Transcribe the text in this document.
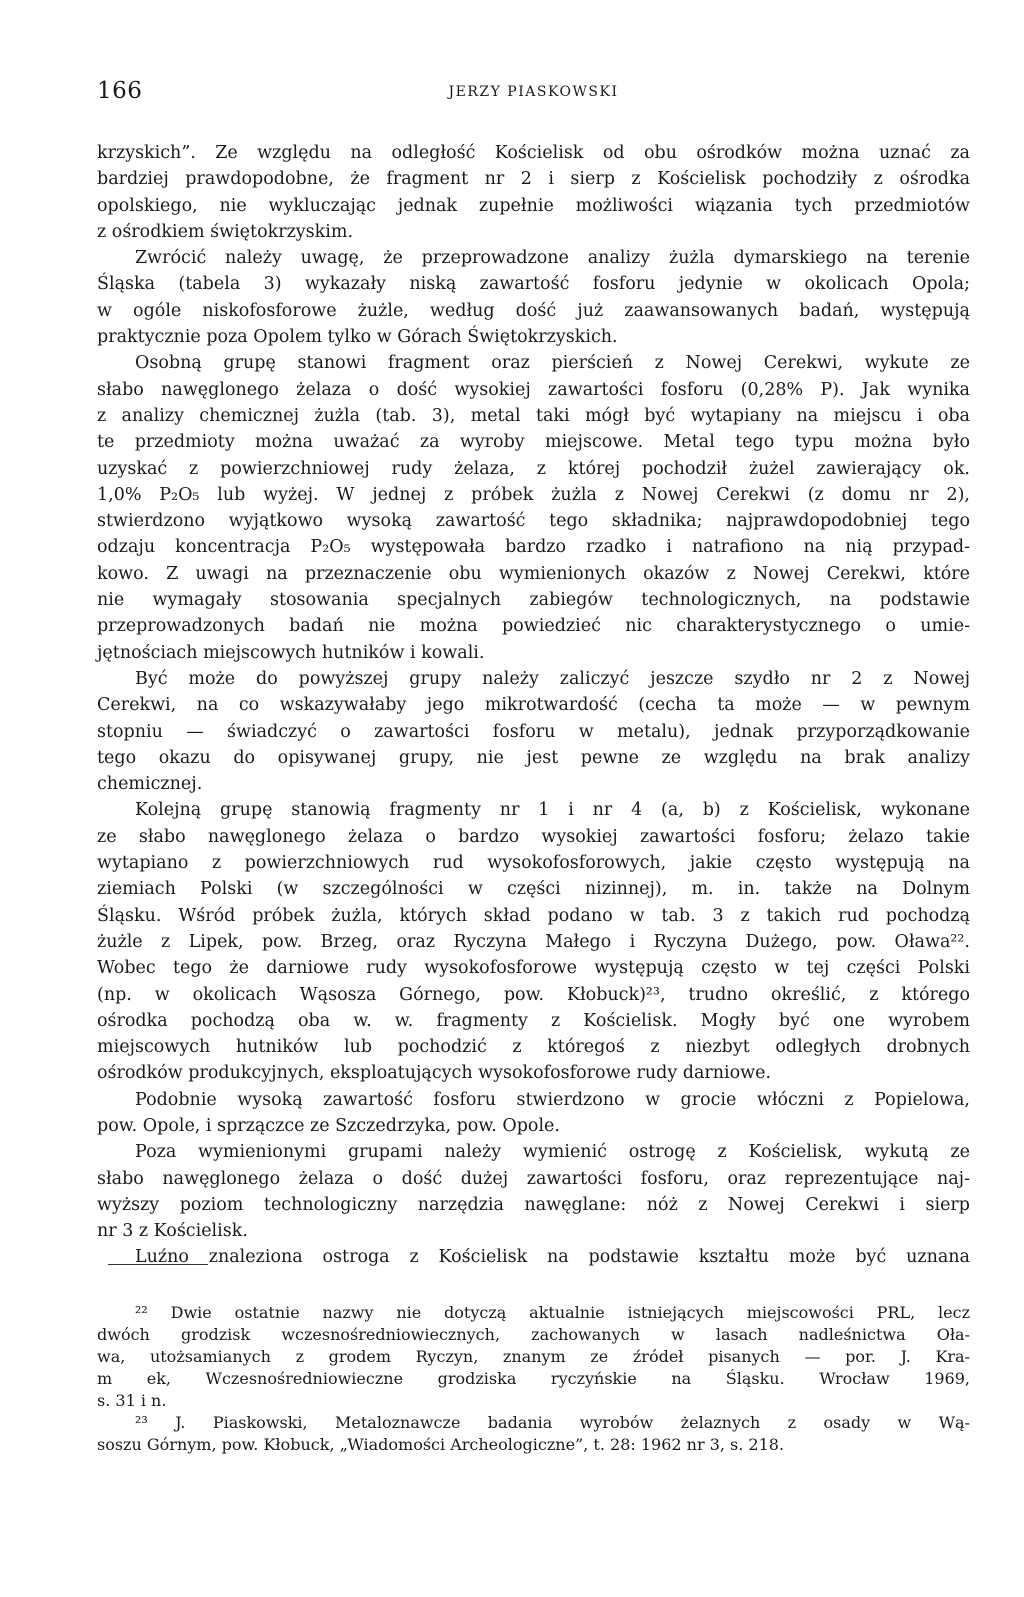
166	JERZY PIASKOWSKI
krzyskich”. Ze względu na odległość Kościelisk od obu ośrodków można uznać za
bardziej prawdopodobne, że fragment nr 2 i sierp z Kościelisk pochodziły z ośrodka
opolskiego, nie wykluczając jednak zupełnie możliwości wiązania tych przedmiotów
z ośrodkiem świętokrzyskim.
Zwrócić należy uwagę, że przeprowadzone analizy żużla dymarskiego na terenie
Śląska (tabela 3) wykazały niską zawartość fosforu jedynie w okolicach Opola;
w ogóle niskofosforowe żużle, według dość już zaawansowanych badań, występują
praktycznie poza Opolem tylko w Górach Świętokrzyskich.
Osobną grupę stanowi fragment oraz pierścień z Nowej Cerekwi, wykute ze
słabo nawęglonego żelaza o dość wysokiej zawartości fosforu (0,28% P). Jak wynika
z analizy chemicznej żużla (tab. 3), metal taki mógł być wytapiany na miejscu i oba
te przedmioty można uważać za wyroby miejscowe. Metal tego typu można było
uzyskać z powierzchniowej rudy żelaza, z której pochodził żużel zawierający ok.
1,0% P₂O₅ lub wyżej. W jednej z próbek żużla z Nowej Cerekwi (z domu nr 2),
stwierdzono wyjątkowo wysoką zawartość tego składnika; najprawdopodobniej tego
odzaju koncentracja P₂O₅ występowała bardzo rzadko i natrafiono na nią przypad-
kowo. Z uwagi na przeznaczenie obu wymienionych okazów z Nowej Cerekwi, które
nie wymagały stosowania specjalnych zabiegów technologicznych, na podstawie
przeprowadzonych badań nie można powiedzieć nic charakterystycznego o umie-
jętnościach miejscowych hutników i kowali.
Być może do powyższej grupy należy zaliczyć jeszcze szydło nr 2 z Nowej
Cerekwi, na co wskazywałaby jego mikrotwardość (cecha ta może — w pewnym
stopniu — świadczyć o zawartości fosforu w metalu), jednak przyporządkowanie
tego okazu do opisywanej grupy, nie jest pewne ze względu na brak analizy
chemicznej.
Kolejną grupę stanowią fragmenty nr 1 i nr 4 (a, b) z Kościelisk, wykonane
ze słabo nawęglonego żelaza o bardzo wysokiej zawartości fosforu; żelazo takie
wytapiano z powierzchniowych rud wysokofosforowych, jakie często występują na
ziemiach Polski (w szczególności w części nizinnej), m. in. także na Dolnym
Śląsku. Wśród próbek żużla, których skład podano w tab. 3 z takich rud pochodzą
żużle z Lipek, pow. Brzeg, oraz Ryczyna Małego i Ryczyna Dużego, pow. Oława²².
Wobec tego że darniowe rudy wysokofosforowe występują często w tej części Polski
(np. w okolicach Wąsosza Górnego, pow. Kłobuck)²³, trudno określić, z którego
ośrodka pochodzą oba w. w. fragmenty z Kościelisk. Mogły być one wyrobem
miejscowych hutników lub pochodzić z któregoś z niezbyt odległych drobnych
ośrodków produkcyjnych, eksploatujących wysokofosforowe rudy darniowe.
Podobnie wysoką zawartość fosforu stwierdzono w grocie włóczni z Popielowa,
pow. Opole, i sprzączce ze Szczedrzyka, pow. Opole.
Poza wymienionymi grupami należy wymienić ostrogę z Kościelisk, wykutą ze
słabo nawęglonego żelaza o dość dużej zawartości fosforu, oraz reprezentujące naj-
wyższy poziom technologiczny narzędzia nawęglane: nóż z Nowej Cerekwi i sierp
nr 3 z Kościelisk.
Luźno znaleziona ostroga z Kościelisk na podstawie kształtu może być uznana
²² Dwie ostatnie nazwy nie dotyczą aktualnie istniejących miejscowości PRL, lecz
dwóch grodzisk wczesnośredniowiecznych, zachowanych w lasach nadleśnictwa Oła-
wa, utożsamianych z grodem Ryczyn, znanym ze źródeł pisanych — por. J. Kra-
m ek, Wczesnośredniowieczne grodziska ryczyńskie na Śląsku. Wrocław 1969,
s. 31 i n.
²³ J. Piaskowski, Metaloznawcze badania wyrobów żelaznych z osady w Wą-
soszu Górnym, pow. Kłobuck, „Wiadomości Archeologiczne”, t. 28: 1962 nr 3, s. 218.
